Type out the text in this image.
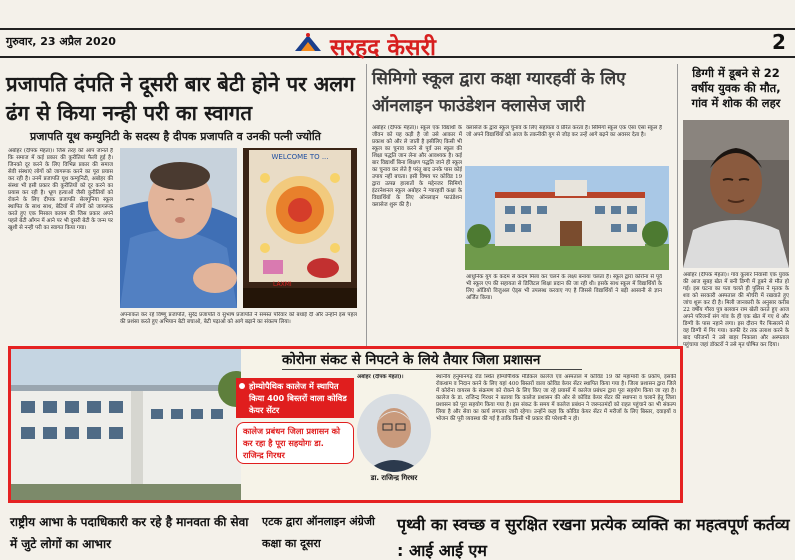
गुरुवार, 23 अप्रैल 2020	सरहद केसरी	2
प्रजापति दंपति ने दूसरी बार बेटी होने पर अलग ढंग से किया नन्ही परी का स्वागत
प्रजापति यूथ कम्युनिटी के सदस्य है दीपक प्रजापति व उनकी पत्नी ज्योति
अबोहर (दीपक मेहता)। जिस तरह को आप जानते है कि समाज में कई प्रकार की कुरीतियां फैली हुई है। जिनको दूर करने के लिए विभिन्न प्रकार की समाज सेवी संस्थाएं लोगों को जागरूक करने का पूरा प्रयास कर रही है। उनमें प्रजापति यूथ कम्युनिटी, अबोहर की संस्था भी इसी प्रकार की कुरीतियों को दूर करने का प्रयास कर रही है। भ्रूण हत्याओं जैसी कुरीतियों को रोकने के लिए दीपक प्रजापति सेलगुनिया स्कूल स्थापित के साथ साथ, बेटियों में लोगों को जागरूक करते हुए एक मिसाल कायम की जिस प्रकार अपने पहले बेटी आँगन में आने पर भी दूसरी बेटी के जन्म पर खुशी से नन्ही परी का स्वागत किया गया।
WELCOME TO ...
LAXMI
अपनाकत कर रहे विष्णु प्रजापति, सुरेंद्र प्रजापति व सुभाष प्रजापति ने समस्त परिवार को बधाई दी और उन्होंने इस पहल की प्रशंसा करते हुए अभियान बेटी बचाओ, बेटी पढ़ाओ को आगे बढ़ाने का संकल्प लिया।
सिमिगो स्कूल द्वारा कक्षा ग्यारहवीं के लिए ऑनलाइन फाउंडेशन क्लासेज जारी
अबोहर (दीपक मेहता)। स्कूल एक विद्यार्थी के जीवन को यह कड़ी है जो उसे आकार में प्रकाश को और ले जाती है इसीलिए किसी भी स्कूल का चुनाव करने से पूर्व उस स्कूल की शिक्षा पद्धति जान लेना और आवश्यक है। कई बार विद्यार्थी बिना शिक्षण पद्धति जाने ही स्कूल का चुनाव कर लेते है परंतु बाद उनके पास कोई उपाय नहीं बचता। इसी विषय पर कोविड 19 द्वारा उत्पन्न हालातों के मद्देनजर सिमिगो इंटरनेशनल स्कूल अबोहर ने ग्यारहवीं कक्षा के विद्यार्थियों के लिए ऑनलाइन फाउंडेशन क्लासेज शुरू की है।
क्लासेज के द्वारा स्कूल चुनाव के लिए सहायता व प्रेरित करता है। सिमिगो स्कूल एक ऐसा ऐसा स्कूल है जो अपने विद्यार्थियों को आज के तकनीकी युग से जोड़ कर उन्हें आगे बढ़ने का अवसर देता है।
आधुनिक युग के कदम से कदम मिला कर चलने के लक्ष्य बनाया चलता है। स्कूल द्वारा कोरोना से पूर्व भी स्कूल एप की सहायता से डिजिटल शिक्षा प्रदान की जा रही थी। इसके साथ स्कूल में विद्यार्थियों के लिए ऑडियो विजुअल ऐड्स भी उपलब्ध करवाए गए है जिससे विद्यार्थियों ने बड़ी आसानी से ज्ञान अर्जित किया।
डिग्गी में डूबने से 22 वर्षीय युवक की मौत, गांव में शोक की लहर
अबोहर (दीपक मेहता)। गांव कुलार निवासी एक युवक की आज सुबह खेत में बनी डिग्गी में डूबने से मौत हो गई। इस घटना का पता चलते ही पुलिस ने मृतक के शव को सरकारी अस्पताल की मोर्चरी में रखवाते हुए जांच शुरू कर दी है। मिली जानकारी के अनुसार करीब 22 वर्षीय गौरव पुत्र बलवान राम खेती करते हुए आज अपने परिजनों संग गांव के ही एक खेत में गए थे और डिग्गी के पास नहाने लगा। इस दौरान पैर फिसलने से वह डिग्गी में गिर गया। काफी देर तक तलाश करने के बाद परिजनों ने उसे बाहर निकाला और अस्पताल पहुंचाया जहां डॉक्टरों ने उसे मृत घोषित कर दिया।
कोरोना संकट से निपटने के लिये तैयार जिला प्रशासन
होम्योपैथिक कालेज में स्थापित किया 400 बिस्तरों वाला कोविड केयर सेंटर
कालेज प्रबंधन जिला प्रशासन को कर रहा है पूरा सहयोगः डा. राजिन्द्र गिरधर
अबोहर (दीपक मेहता)।
डा. राजिन्द्र गिरधर
स्थानीय हनुमानगढ़ रोड स्थित होम्योपैथिक मेडिकल कालेज एवं अस्पताल में कोविड 19 की महामारी के प्रकोप, इसकी रोकथाम व निदान करने के लिए यहां 400 बिस्तरों वाला कोविड केयर सेंटर स्थापित किया गया है। जिला प्रशासन द्वारा जिले में कोरोना वायरस के संक्रमण को रोकने के लिए किए जा रहे प्रयासों में कालेज प्रबंधन द्वारा पूरा सहयोग किया जा रहा है। कालेज के डा. राजिन्द्र गिरधर ने बताया कि कालेज प्रशासन की ओर से कोविड केयर सेंटर की स्थापना व चलाने हेतु जिला प्रशासन को पूरा सहयोग किया गया है। इस संकट के समय में कालेज प्रबंधन ने जरूरतमंदों को राहत पहुंचाने का भी संकल्प लिया है और सेवा का कार्य लगातार जारी रहेगा। उन्होंने कहा कि कोविड केयर सेंटर में मरीजों के लिए बिस्तर, दवाइयों व भोजन की पूरी व्यवस्था की गई है ताकि किसी भी प्रकार की परेशानी न हो।
राष्ट्रीय आभा के पदाधिकारी कर रहे है मानवता की सेवा में जुटे लोगों का आभार
एटक द्वारा ऑनलाइन अंग्रेजी कक्षा का दूसरा
पृथ्वी का स्वच्छ व सुरक्षित रखना प्रत्येक व्यक्ति का महत्वपूर्ण कर्तव्य : आई आई एम
